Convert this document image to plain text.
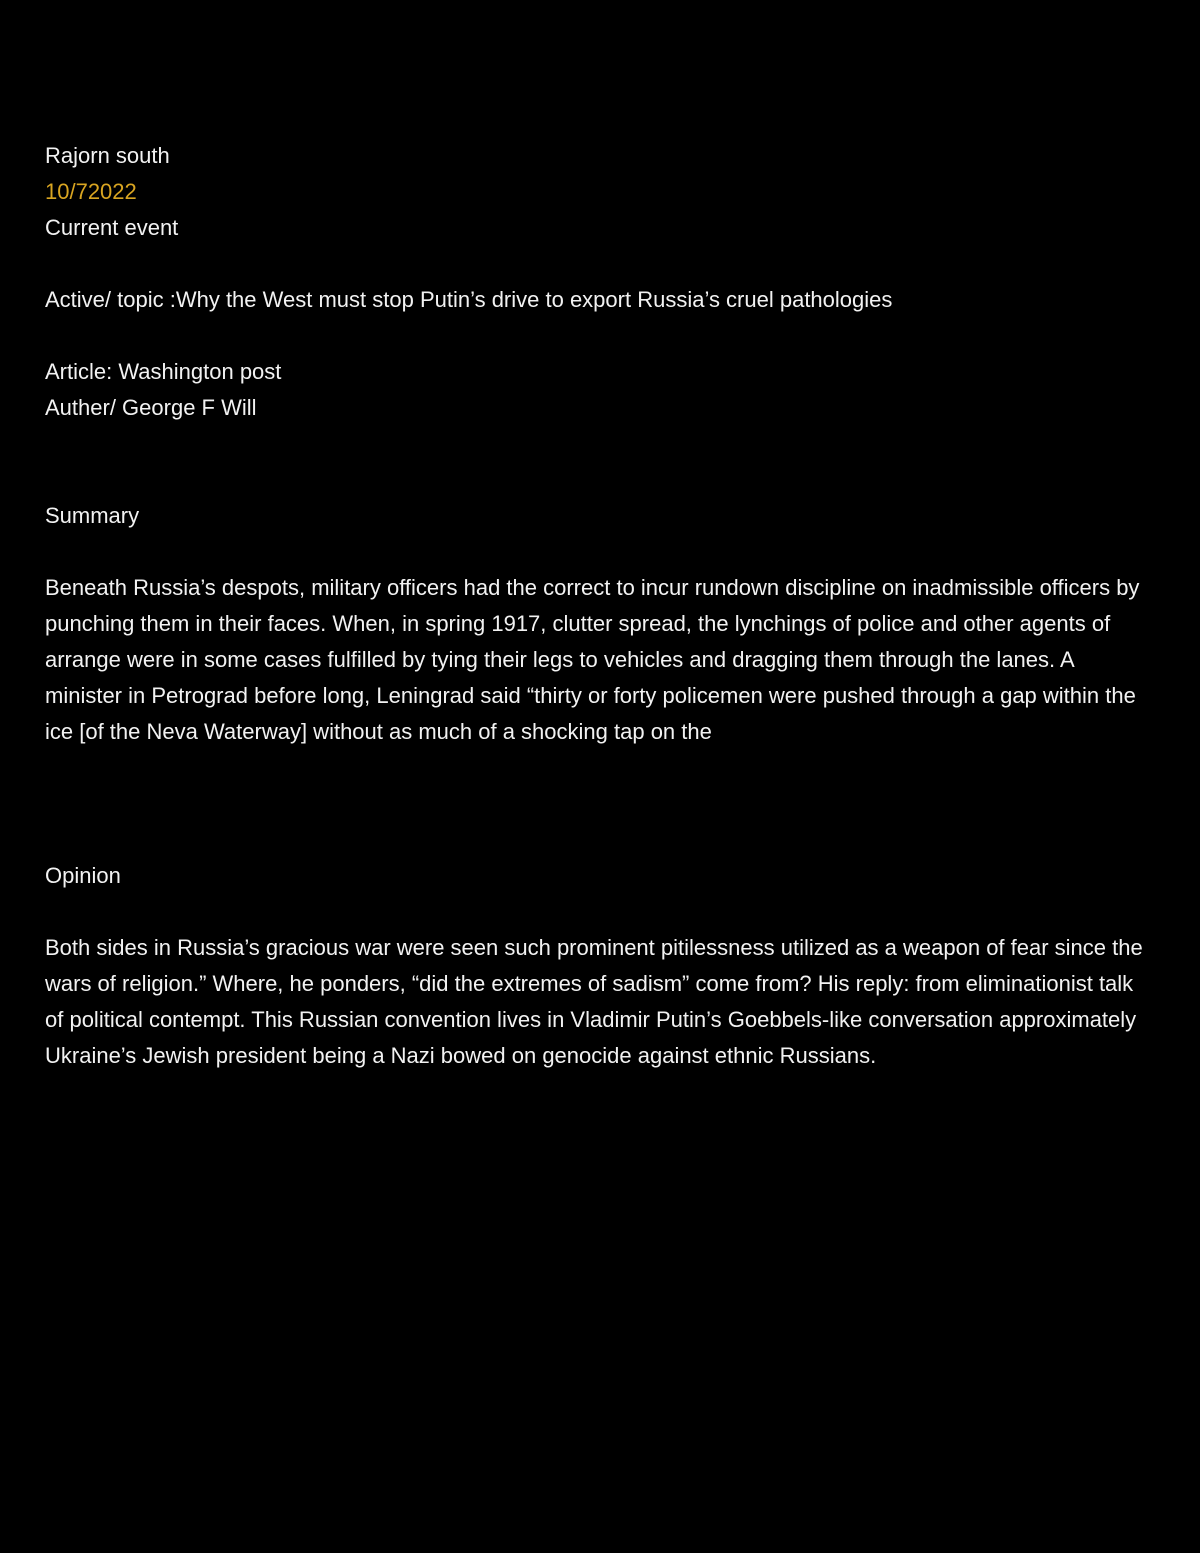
Rajorn south

10/72022

Current event

Active/ topic :Why the West must stop Putin’s drive to export Russia’s cruel pathologies

Article: Washington post

Auther/ George F Will

Summary

Beneath Russia’s despots, military officers had the correct to incur rundown discipline on inadmissible officers by punching them in their faces. When, in spring 1917, clutter spread, the lynchings of police and other agents of arrange were in some cases fulfilled by tying their legs to vehicles and dragging them through the lanes. A minister in Petrograd before long, Leningrad said “thirty or forty policemen were pushed through a gap within the ice [of the Neva Waterway] without as much of a shocking tap on the

Opinion

Both sides in Russia’s gracious war were seen such prominent pitilessness utilized as a weapon of fear since the wars of religion.” Where, he ponders, “did the extremes of sadism” come from? His reply: from eliminationist talk of political contempt. This Russian convention lives in Vladimir Putin’s Goebbels-like conversation approximately Ukraine’s Jewish president being a Nazi bowed on genocide against ethnic Russians.
